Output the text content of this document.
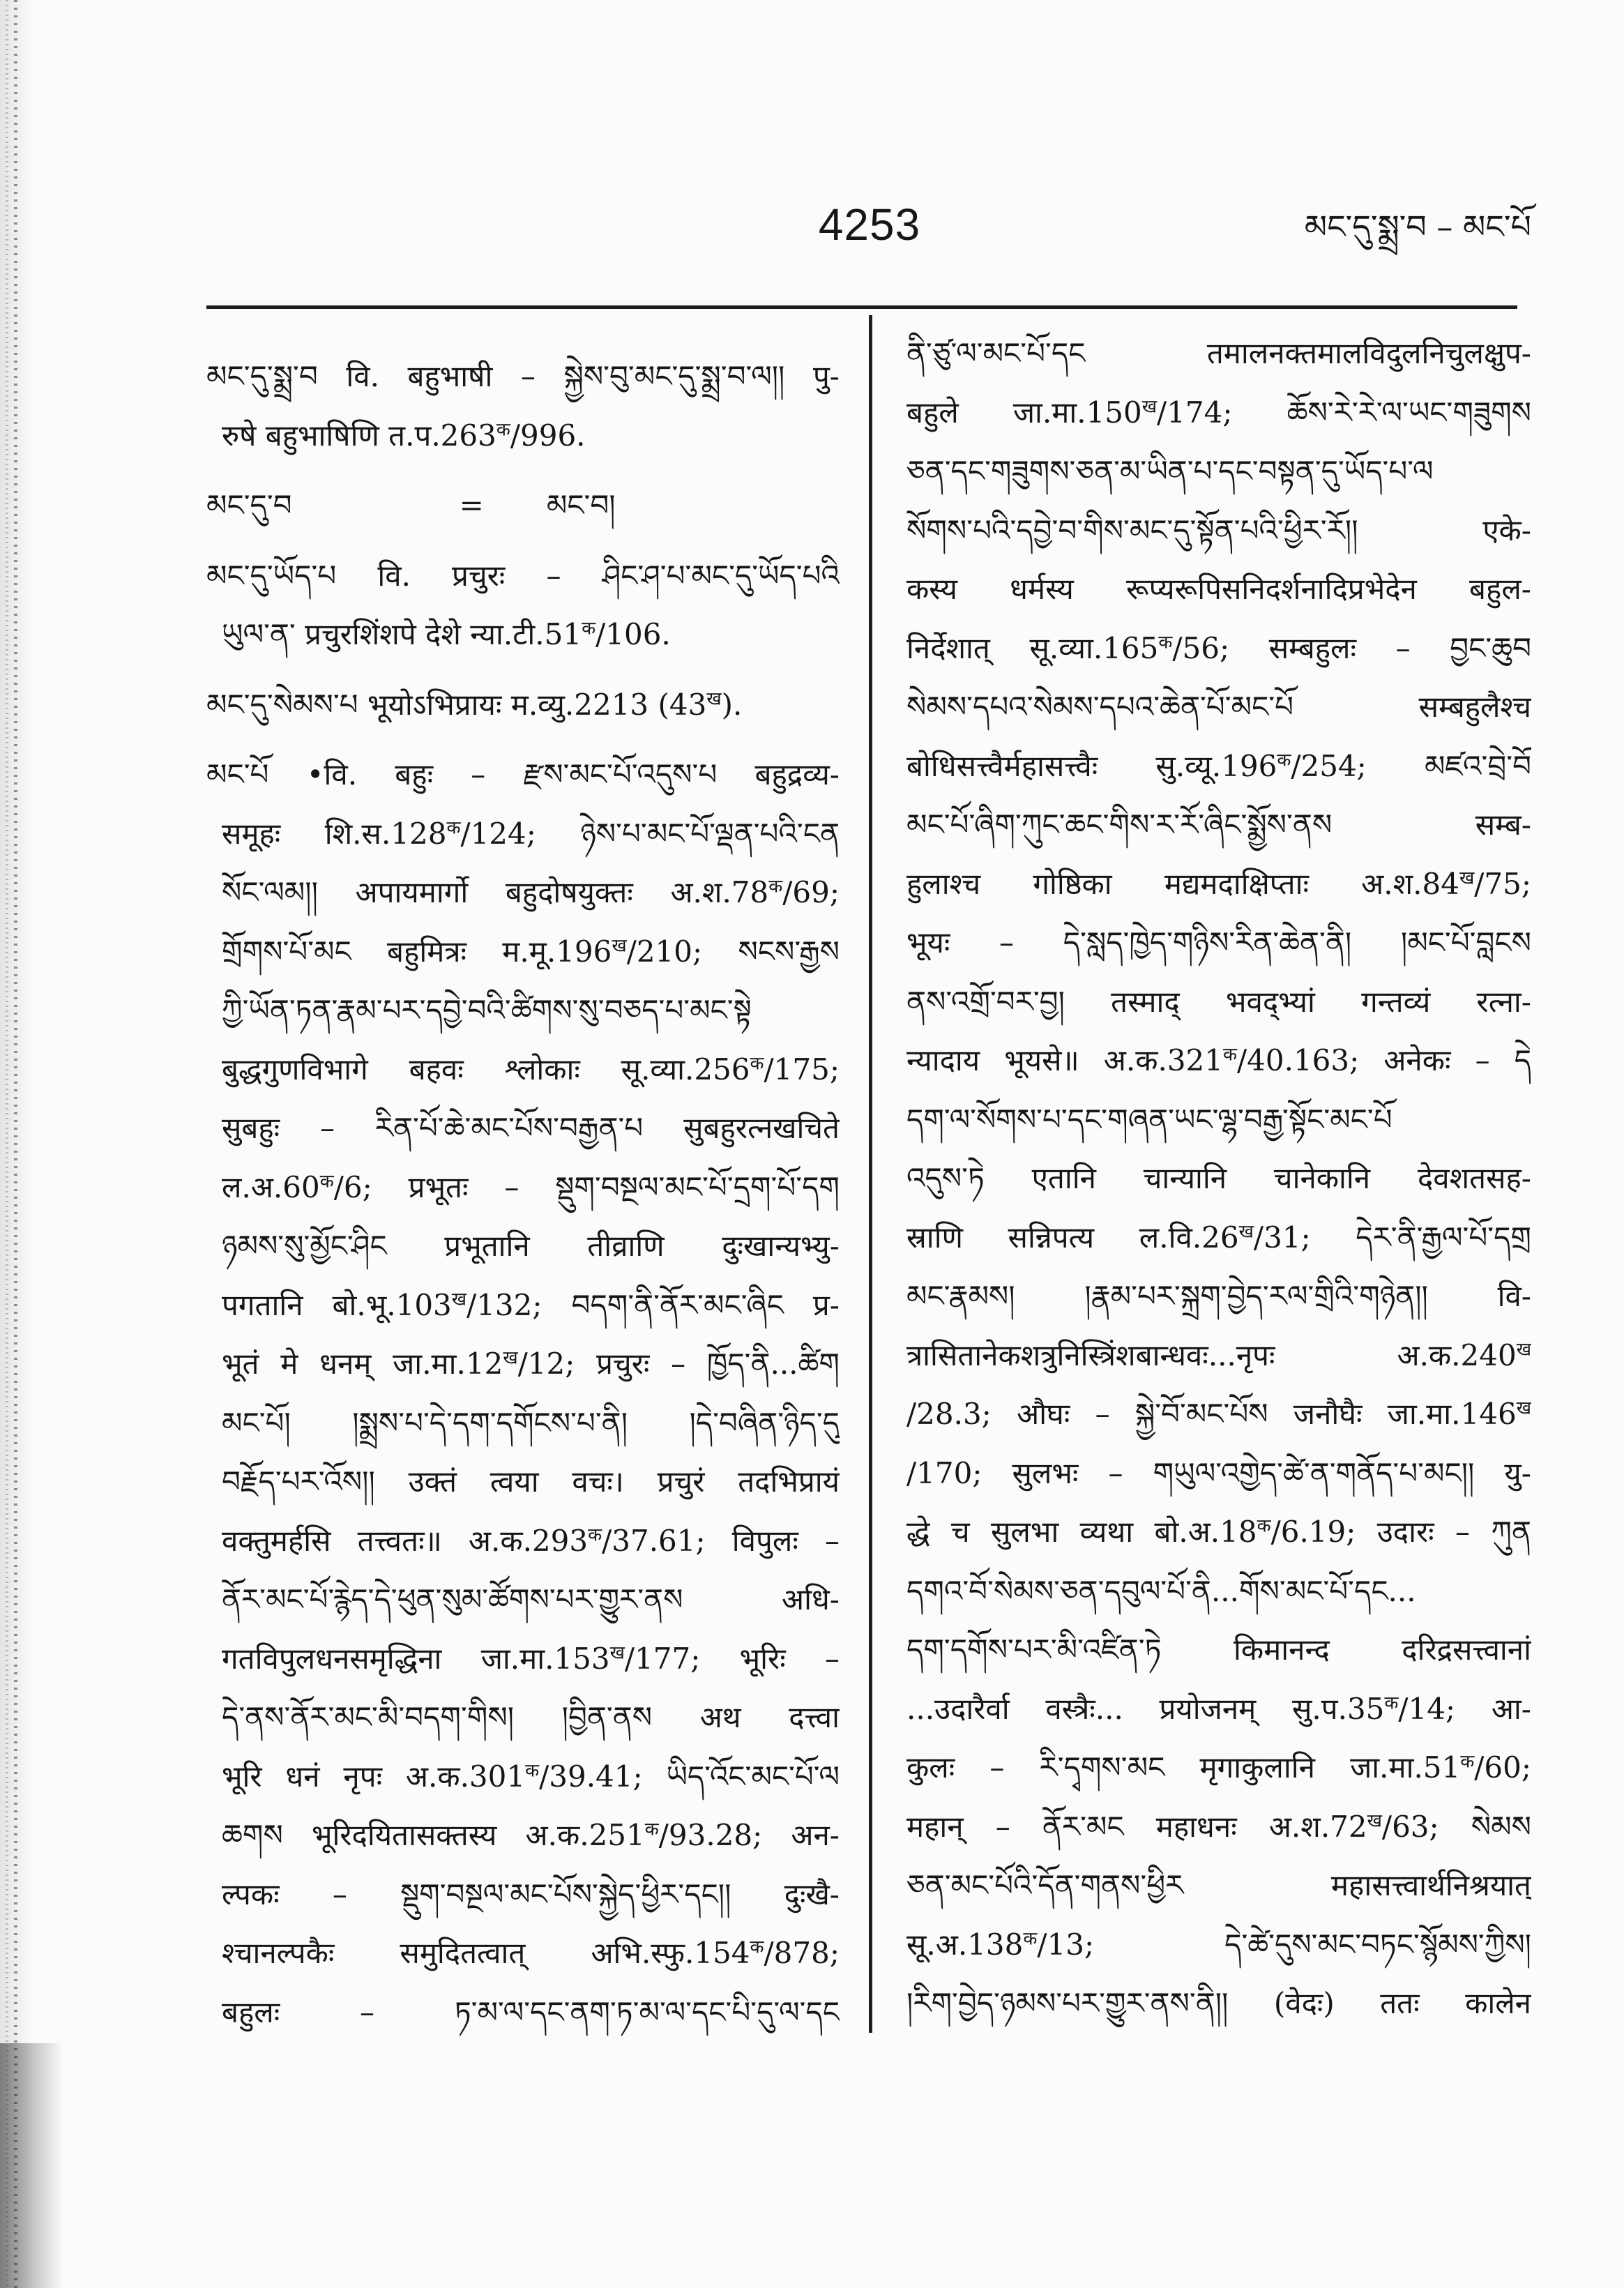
4253	མང་དུ་སྨྲ་བ – མང་པོ
མང་དུ་སྨྲ་བ वि. बहुभाषी – སྐྱེས་བུ་མང་དུ་སྨྲ་བ་ལ།། पु-
रुषे बहुभाषिणि $त.प.263^क/996$.
མང་དུ་བ	= མང་བ།
མང་དུ་ཡོད་པ वि. प्रचुरः – ཤིང་ཤ་པ་མང་དུ་ཡོད་པའི
ཡུལ་ན་ प्रचुरशिंशपे देशे $न्या.टी.51^क/106$.
མང་དུ་སེམས་པ भूयोऽभिप्रायः म.व्यु.2213 $(43^ख)$.
མང་པོ •वि. बहुः – རྫས་མང་པོ་འདུས་པ बहुद्रव्य-
समूहः $शि.स.128^क/124$; ཉེས་པ་མང་པོ་ལྡན་པའི་ངན
སོང་ལམ།། अपायमार्गो बहुदोषयुक्तः $अ.श.78^क/69$;
གྲོགས་པོ་མང बहुमित्रः $म.मू.196^ख/210$; སངས་རྒྱས
ཀྱི་ཡོན་ཏན་རྣམ་པར་དབྱེ་བའི་ཚིགས་སུ་བཅད་པ་མང་སྟེ
बुद्धगुणविभागे बहवः श्लोकाः $सू.व्या.256^क/175$;
सुबहुः – རིན་པོ་ཆེ་མང་པོས་བརྒྱན་པ सुबहुरत्नखचिते
$ल.अ.60^क/6$; प्रभूतः – སྡུག་བསྔལ་མང་པོ་དྲག་པོ་དག
ཉམས་སུ་མྱོང་ཤིང प्रभूतानि तीव्राणि दुःखान्यभ्यु-
पगतानि $बो.भू.103^ख/132$; བདག་ནི་ནོར་མང་ཞིང प्र-
भूतं मे धनम् $जा.मा.12^ख/12$; प्रचुरः – ཁྱོད་ནི...ཚིག
མང་པོ། །སྨྲས་པ་དེ་དག་དགོངས་པ་ནི། །དེ་བཞིན་ཉིད་དུ
བརྗོད་པར་འོས།། उक्तं त्वया वचः। प्रचुरं तदभिप्रायं
वक्तुमर्हसि तत्त्वतः॥ $अ.क.293^क/37.61$; विपुलः –
ནོར་མང་པོ་རྙེད་དེ་ཕུན་སུམ་ཚོགས་པར་གྱུར་ནས अधि-
गतविपुलधनसमृद्धिना $जा.मा.153^ख/177$; भूरिः –
དེ་ནས་ནོར་མང་མི་བདག་གིས། །བྱིན་ནས अथ दत्त्वा
भूरि धनं नृपः $अ.क.301^क/39.41$; ཡིད་འོང་མང་པོ་ལ
ཆགས भूरिदयितासक्तस्य $अ.क.251^क/93.28$; अन-
ल्पकः – སྡུག་བསྔལ་མང་པོས་སྐྱེད་ཕྱིར་དང།། दुःखै-
श्चानल्पकैः समुदितत्वात् $अभि.स्फु.154^क/878$;
बहुलः – ཏ་མ་ལ་དང་ནག་ཏ་མ་ལ་དང་པི་དུ་ལ་དང
ནི་ཙུ་ལ་མང་པོ་དང तमालनक्तमालविदुलनिचुलक्षुप-
बहुले $जा.मा.150^ख/174$; ཆོས་རེ་རེ་ལ་ཡང་གཟུགས
ཅན་དང་གཟུགས་ཅན་མ་ཡིན་པ་དང་བསྟན་དུ་ཡོད་པ་ལ
སོགས་པའི་དབྱེ་བ་གིས་མང་དུ་སྟོན་པའི་ཕྱིར་རོ།། एके-
कस्य धर्मस्य रूप्यरूपिसनिदर्शनादिप्रभेदेन बहुल-
निर्देशात् $सू.व्या.165^क/56$; सम्बहुलः – བྱང་ཆུབ
སེམས་དཔའ་སེམས་དཔའ་ཆེན་པོ་མང་པོ सम्बहुलैश्च
बोधिसत्त्वैर्महासत्त्वैः $सु.व्यू.196^क/254$; མཛའ་བྲེ་བོ
མང་པོ་ཞིག་ཀུང་ཆང་གིས་ར་རོ་ཞིང་སྨྱོས་ནས सम्ब-
हुलाश्च गोष्ठिका मद्यमदाक्षिप्ताः $अ.श.84^ख/75$;
भूयः – དེ་སླད་ཁྱེད་གཉིས་རིན་ཆེན་ནི། །མང་པོ་བླངས
ནས་འགྲོ་བར་བྱ། तस्माद् भवद्भ्यां गन्तव्यं रत्ना-
न्यादाय भूयसे॥ $अ.क.321^क/40.163$; अनेकः – དེ
དག་ལ་སོགས་པ་དང་གཞན་ཡང་ལྷ་བརྒྱ་སྟོང་མང་པོ
འདུས་ཏེ एतानि चान्यानि चानेकानि देवशतसह-
स्राणि सन्निपत्य $ल.वि.26^ख/31$; དེར་ནི་རྒྱལ་པོ་དགྲ
མང་རྣམས། །རྣམ་པར་སྐྲག་བྱེད་རལ་གྲིའི་གཉེན།། वि-
त्रासितानेकशत्रुनिस्त्रिंशबान्धवः...नृपः $अ.क.240^ख$
/28.3; औघः – སྐྱེ་བོ་མང་པོས जनौघैः $जा.मा.146^ख$
/170; सुलभः – གཡུལ་འགྱེད་ཚེ་ན་གནོད་པ་མང།། यु-
द्धे च सुलभा व्यथा $बो.अ.18^क/6.19$; उदारः – ཀུན
དགའ་བོ་སེམས་ཅན་དབུལ་པོ་ནི...གོས་མང་པོ་དང...
དག་དགོས་པར་མི་འཛིན་ཏེ किमानन्द दरिद्रसत्त्वानां
...उदारैर्वा वस्त्रैः... प्रयोजनम् $सु.प.35^क/14$; आ-
कुलः – རི་དྭགས་མང मृगाकुलानि $जा.मा.51^क/60$;
महान् – ནོར་མང महाधनः $अ.श.72^ख/63$; སེམས
ཅན་མང་པོའི་དོན་གནས་ཕྱིར महासत्त्वार्थनिश्रयात्
$सू.अ.138^क/13$; དེ་ཚེ་དུས་མང་བཏང་སྙོམས་ཀྱིས།
།རིག་བྱེད་ཉམས་པར་གྱུར་ནས་ནི།། (वेदः) ततः कालेन
